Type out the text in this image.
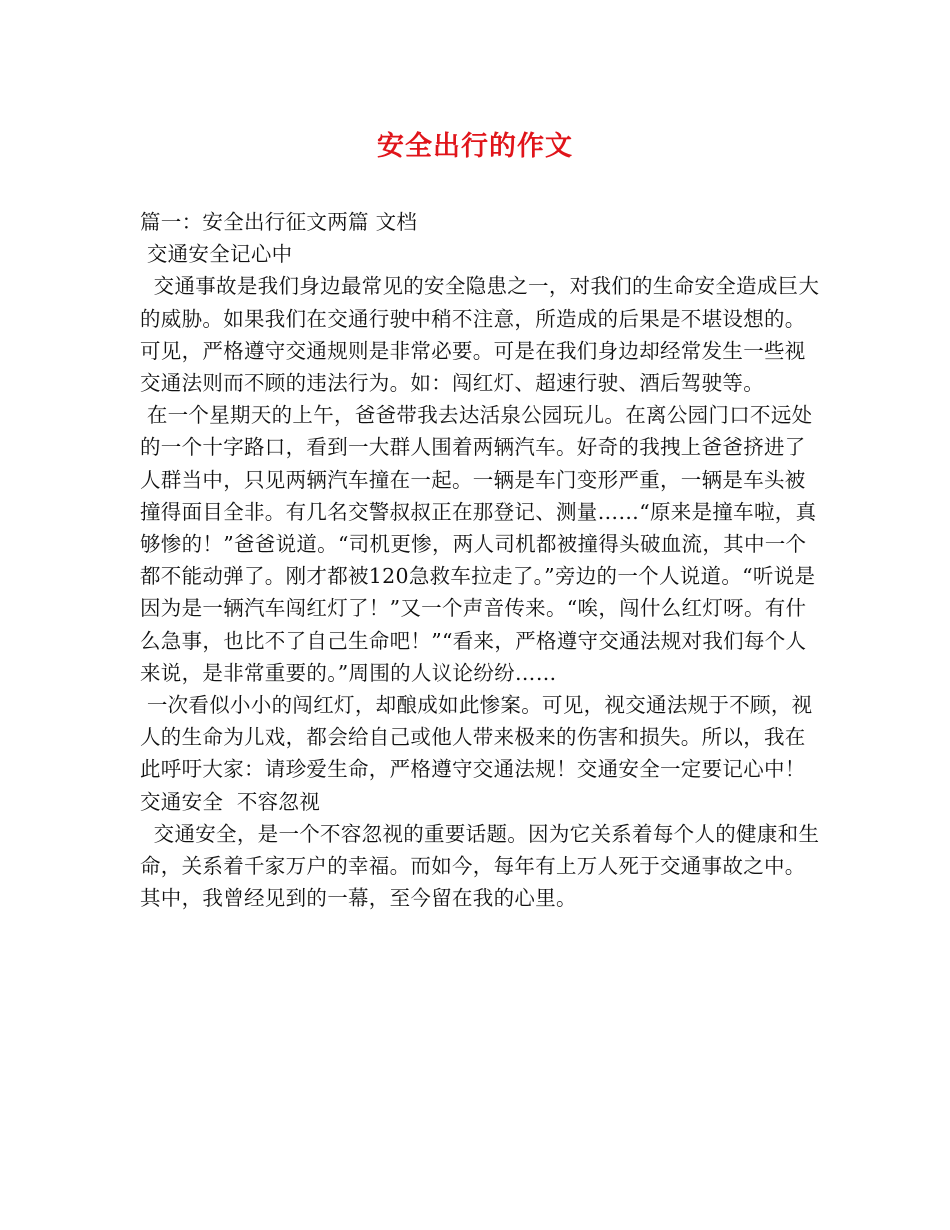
安全出行的作文

篇一：安全出行征文两篇 文档

交通安全记心中

交通事故是我们身边最常见的安全隐患之一，对我们的生命安全造成巨大的威胁。如果我们在交通行驶中稍不注意，所造成的后果是不堪设想的。可见，严格遵守交通规则是非常必要。可是在我们身边却经常发生一些视交通法则而不顾的违法行为。如：闯红灯、超速行驶、酒后驾驶等。

在一个星期天的上午，爸爸带我去达活泉公园玩儿。在离公园门口不远处的一个十字路口，看到一大群人围着两辆汽车。好奇的我拽上爸爸挤进了人群当中，只见两辆汽车撞在一起。一辆是车门变形严重，一辆是车头被撞得面目全非。有几名交警叔叔正在那登记、测量……“原来是撞车啦，真够惨的！”爸爸说道。“司机更惨，两人司机都被撞得头破血流，其中一个都不能动弹了。刚才都被120急救车拉走了。”旁边的一个人说道。“听说是因为是一辆汽车闯红灯了！”又一个声音传来。“唉，闯什么红灯呀。有什么急事，也比不了自己生命吧！”“看来，严格遵守交通法规对我们每个人来说，是非常重要的。”周围的人议论纷纷……

一次看似小小的闯红灯，却酿成如此惨案。可见，视交通法规于不顾，视人的生命为儿戏，都会给自己或他人带来极来的伤害和损失。所以，我在此呼吁大家：请珍爱生命，严格遵守交通法规！交通安全一定要记心中！

交通安全  不容忽视

交通安全，是一个不容忽视的重要话题。因为它关系着每个人的健康和生命，关系着千家万户的幸福。而如今，每年有上万人死于交通事故之中。其中，我曾经见到的一幕，至今留在我的心里。
